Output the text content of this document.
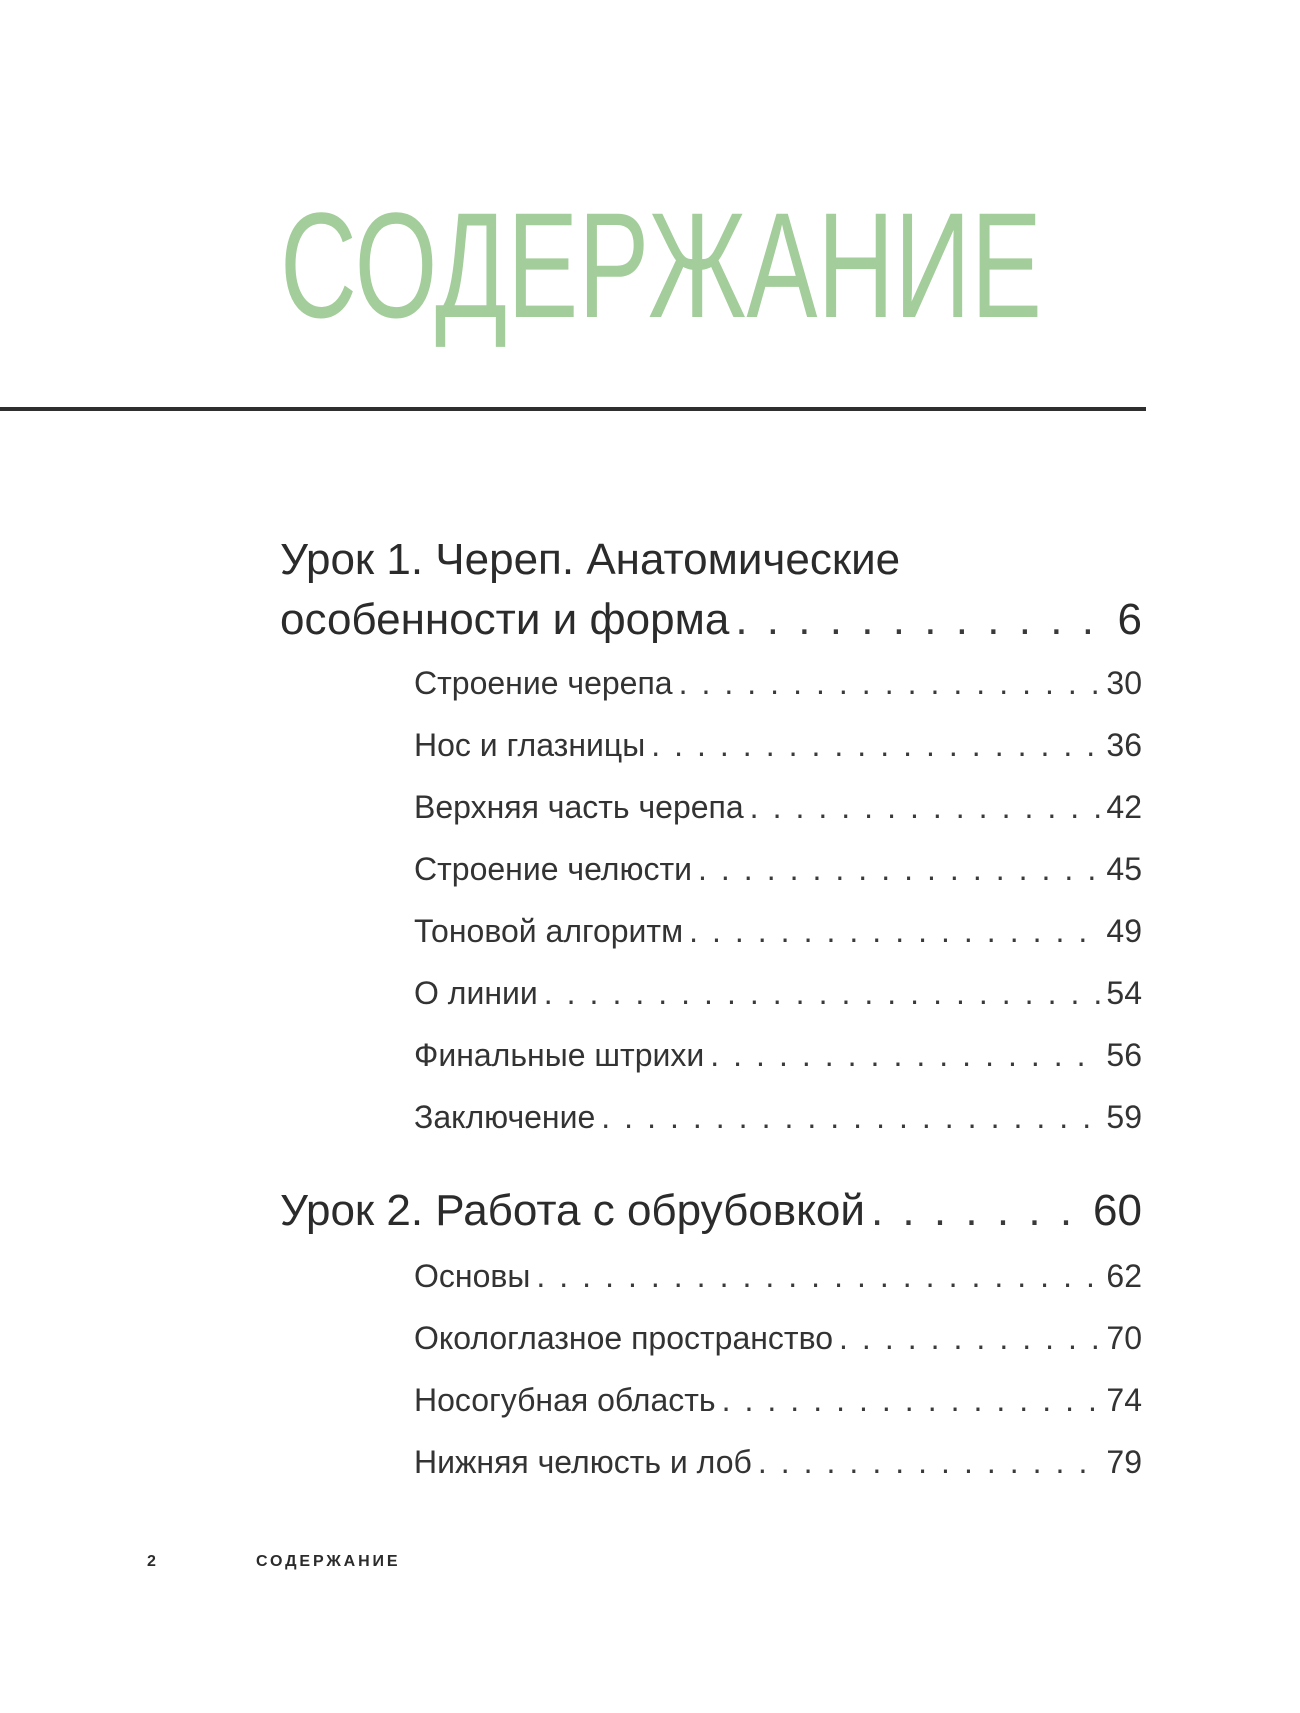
СОДЕРЖАНИЕ
Урок 1. Череп. Анатомические
особенности и форма . . .	6
Строение черепа . . .	30
Нос и глазницы . . .	36
Верхняя часть черепа . . .	42
Строение челюсти . . .	45
Тоновой алгоритм . . .	49
О линии . . .	54
Финальные штрихи . . .	56
Заключение . . .	59
Урок 2. Работа с обрубовкой . . .	60
Основы . . .	62
Окологлазное пространство . . .	70
Носогубная область . . .	74
Нижняя челюсть и лоб . . .	79
2	СОДЕРЖАНИЕ
